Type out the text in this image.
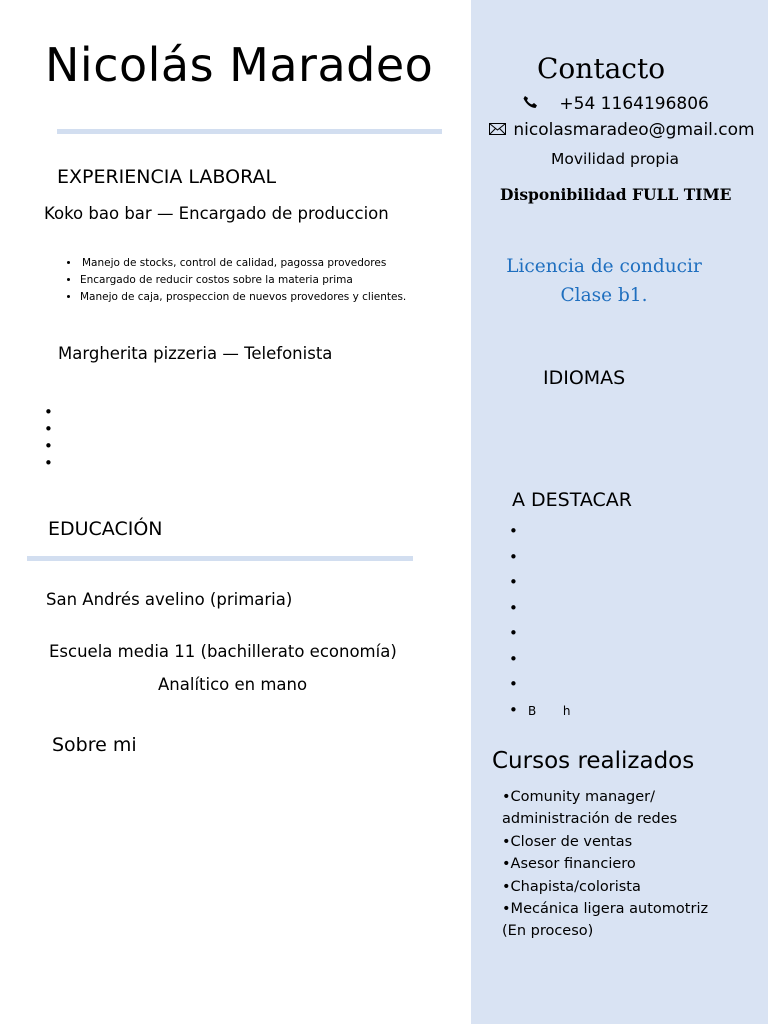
Nicolás Maradeo
EXPERIENCIA LABORAL
Koko bao bar — Encargado de produccion
• Manejo de stocks, control de calidad, pagossa provedores
• Encargado de reducir costos sobre la materia prima
• Manejo de caja, prospeccion de nuevos provedores y clientes.
Margherita pizzeria — Telefonista
EDUCACIÓN
San Andrés avelino (primaria)
Escuela media 11 (bachillerato economía)
Analítico en mano
Sobre mi
Contacto
+54 1164196806
nicolasmaradeo@gmail.com
Movilidad propia
Disponibilidad FULL TIME
Licencia de conducir
Clase b1.
IDIOMAS
A DESTACAR
•
•
•
•
•
•
•
• B       h
Cursos realizados
•Comunity manager/
administración de redes
•Closer de ventas
•Asesor financiero
•Chapista/colorista
•Mecánica ligera automotriz
(En proceso)
